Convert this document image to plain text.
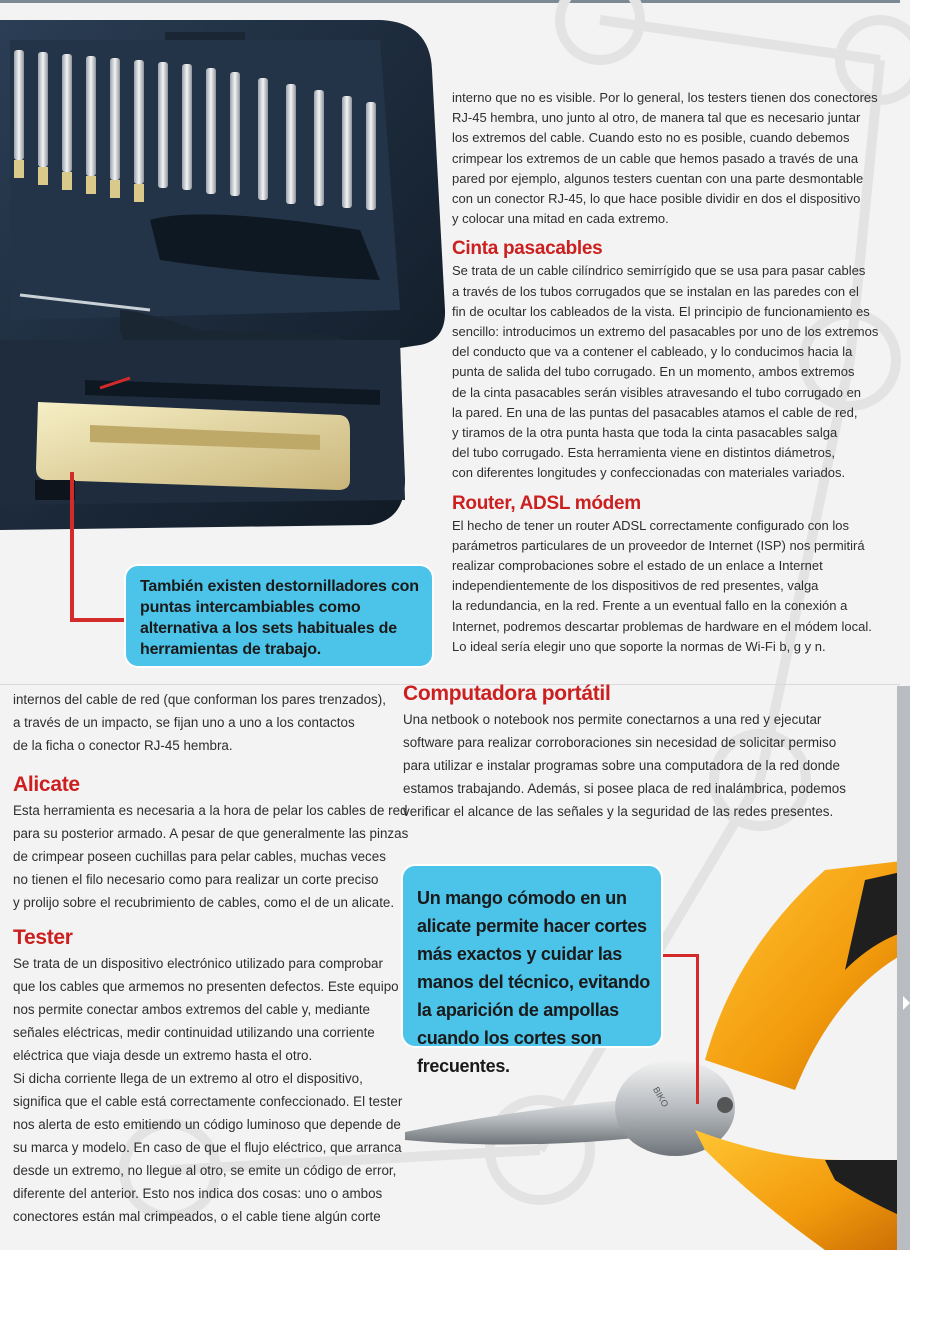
BIKO
También existen destornilladores con puntas intercambiables como alternativa a los sets habituales de herramientas de trabajo.
Un mango cómodo en un alicate permite hacer cortes más exactos y cuidar las manos del técnico, evitando la aparición de ampollas cuando los cortes son frecuentes.
interno que no es visible. Por lo general, los testers tienen dos conectores
RJ-45 hembra, uno junto al otro, de manera tal que es necesario juntar
los extremos del cable. Cuando esto no es posible, cuando debemos
crimpear los extremos de un cable que hemos pasado a través de una
pared por ejemplo, algunos testers cuentan con una parte desmontable
con un conector RJ-45, lo que hace posible dividir en dos el dispositivo
y colocar una mitad en cada extremo.
Cinta pasacables
Se trata de un cable cilíndrico semirrígido que se usa para pasar cables
a través de los tubos corrugados que se instalan en las paredes con el
fin de ocultar los cableados de la vista. El principio de funcionamiento es
sencillo: introducimos un extremo del pasacables por uno de los extremos
del conducto que va a contener el cableado, y lo conducimos hacia la
punta de salida del tubo corrugado. En un momento, ambos extremos
de la cinta pasacables serán visibles atravesando el tubo corrugado en
la pared. En una de las puntas del pasacables atamos el cable de red,
y tiramos de la otra punta hasta que toda la cinta pasacables salga
del tubo corrugado. Esta herramienta viene en distintos diámetros,
con diferentes longitudes y confeccionadas con materiales variados.
Router, ADSL módem
El hecho de tener un router ADSL correctamente configurado con los
parámetros particulares de un proveedor de Internet (ISP) nos permitirá
realizar comprobaciones sobre el estado de un enlace a Internet
independientemente de los dispositivos de red presentes, valga
la redundancia, en la red. Frente a un eventual fallo en la conexión a
Internet, podremos descartar problemas de hardware en el módem local.
Lo ideal sería elegir uno que soporte la normas de Wi-Fi b, g y n.
internos del cable de red (que conforman los pares trenzados),
a través de un impacto, se fijan uno a uno a los contactos
de la ficha o conector RJ-45 hembra.
Alicate
Esta herramienta es necesaria a la hora de pelar los cables de red
para su posterior armado. A pesar de que generalmente las pinzas
de crimpear poseen cuchillas para pelar cables, muchas veces
no tienen el filo necesario como para realizar un corte preciso
y prolijo sobre el recubrimiento de cables, como el de un alicate.
Tester
Se trata de un dispositivo electrónico utilizado para comprobar
que los cables que armemos no presenten defectos. Este equipo
nos permite conectar ambos extremos del cable y, mediante
señales eléctricas, medir continuidad utilizando una corriente
eléctrica que viaja desde un extremo hasta el otro.
Si dicha corriente llega de un extremo al otro el dispositivo,
significa que el cable está correctamente confeccionado. El tester
nos alerta de esto emitiendo un código luminoso que depende de
su marca y modelo. En caso de que el flujo eléctrico, que arranca
desde un extremo, no llegue al otro, se emite un código de error,
diferente del anterior. Esto nos indica dos cosas: uno o ambos
conectores están mal crimpeados, o el cable tiene algún corte
Computadora portátil
Una netbook o notebook nos permite conectarnos a una red y ejecutar
software para realizar corroboraciones sin necesidad de solicitar permiso
para utilizar e instalar programas sobre una computadora de la red donde
estamos trabajando. Además, si posee placa de red inalámbrica, podemos
verificar el alcance de las señales y la seguridad de las redes presentes.
